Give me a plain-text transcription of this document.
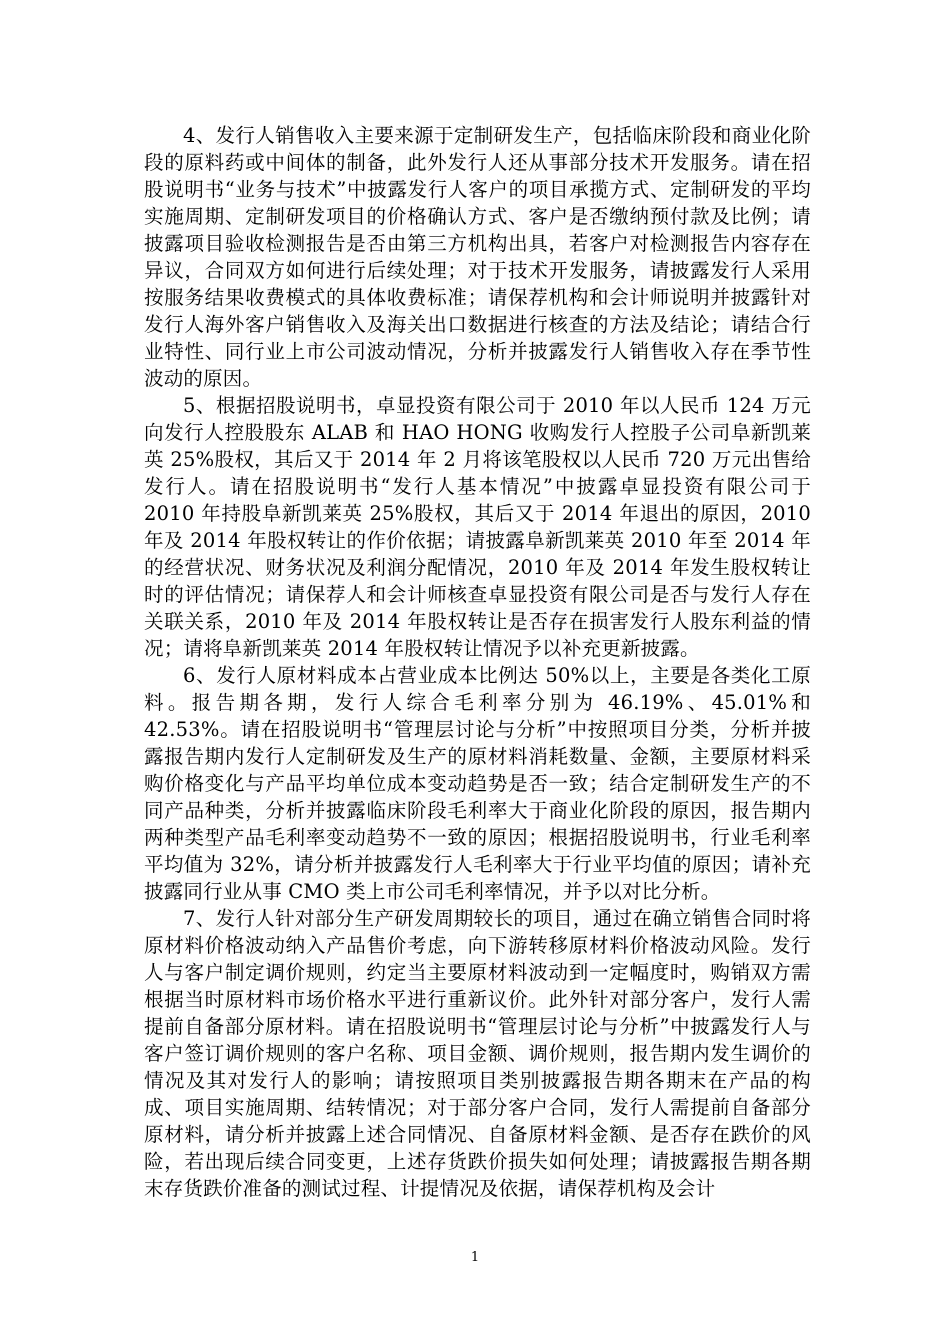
4、发行人销售收入主要来源于定制研发生产，包括临床阶段和商业化阶段的原料药或中间体的制备，此外发行人还从事部分技术开发服务。请在招股说明书“业务与技术”中披露发行人客户的项目承揽方式、定制研发的平均实施周期、定制研发项目的价格确认方式、客户是否缴纳预付款及比例；请披露项目验收检测报告是否由第三方机构出具，若客户对检测报告内容存在异议，合同双方如何进行后续处理；对于技术开发服务，请披露发行人采用按服务结果收费模式的具体收费标准；请保荐机构和会计师说明并披露针对发行人海外客户销售收入及海关出口数据进行核查的方法及结论；请结合行业特性、同行业上市公司波动情况，分析并披露发行人销售收入存在季节性波动的原因。

5、根据招股说明书，卓显投资有限公司于 2010 年以人民币 124 万元向发行人控股股东 ALAB 和 HAO HONG 收购发行人控股子公司阜新凯莱英 25%股权，其后又于 2014 年 2 月将该笔股权以人民币 720 万元出售给发行人。请在招股说明书“发行人基本情况”中披露卓显投资有限公司于 2010 年持股阜新凯莱英 25%股权，其后又于 2014 年退出的原因，2010 年及 2014 年股权转让的作价依据；请披露阜新凯莱英 2010 年至 2014 年的经营状况、财务状况及利润分配情况，2010 年及 2014 年发生股权转让时的评估情况；请保荐人和会计师核查卓显投资有限公司是否与发行人存在关联关系，2010 年及 2014 年股权转让是否存在损害发行人股东利益的情况；请将阜新凯莱英 2014 年股权转让情况予以补充更新披露。

6、发行人原材料成本占营业成本比例达 50%以上，主要是各类化工原料。报告期各期，发行人综合毛利率分别为 46.19%、45.01%和 42.53%。请在招股说明书“管理层讨论与分析”中按照项目分类，分析并披露报告期内发行人定制研发及生产的原材料消耗数量、金额，主要原材料采购价格变化与产品平均单位成本变动趋势是否一致；结合定制研发生产的不同产品种类，分析并披露临床阶段毛利率大于商业化阶段的原因，报告期内两种类型产品毛利率变动趋势不一致的原因；根据招股说明书，行业毛利率平均值为 32%，请分析并披露发行人毛利率大于行业平均值的原因；请补充披露同行业从事 CMO 类上市公司毛利率情况，并予以对比分析。

7、发行人针对部分生产研发周期较长的项目，通过在确立销售合同时将原材料价格波动纳入产品售价考虑，向下游转移原材料价格波动风险。发行人与客户制定调价规则，约定当主要原材料波动到一定幅度时，购销双方需根据当时原材料市场价格水平进行重新议价。此外针对部分客户，发行人需提前自备部分原材料。请在招股说明书“管理层讨论与分析”中披露发行人与客户签订调价规则的客户名称、项目金额、调价规则，报告期内发生调价的情况及其对发行人的影响；请按照项目类别披露报告期各期末在产品的构成、项目实施周期、结转情况；对于部分客户合同，发行人需提前自备部分原材料，请分析并披露上述合同情况、自备原材料金额、是否存在跌价的风险，若出现后续合同变更，上述存货跌价损失如何处理；请披露报告期各期末存货跌价准备的测试过程、计提情况及依据，请保荐机构及会计

1
